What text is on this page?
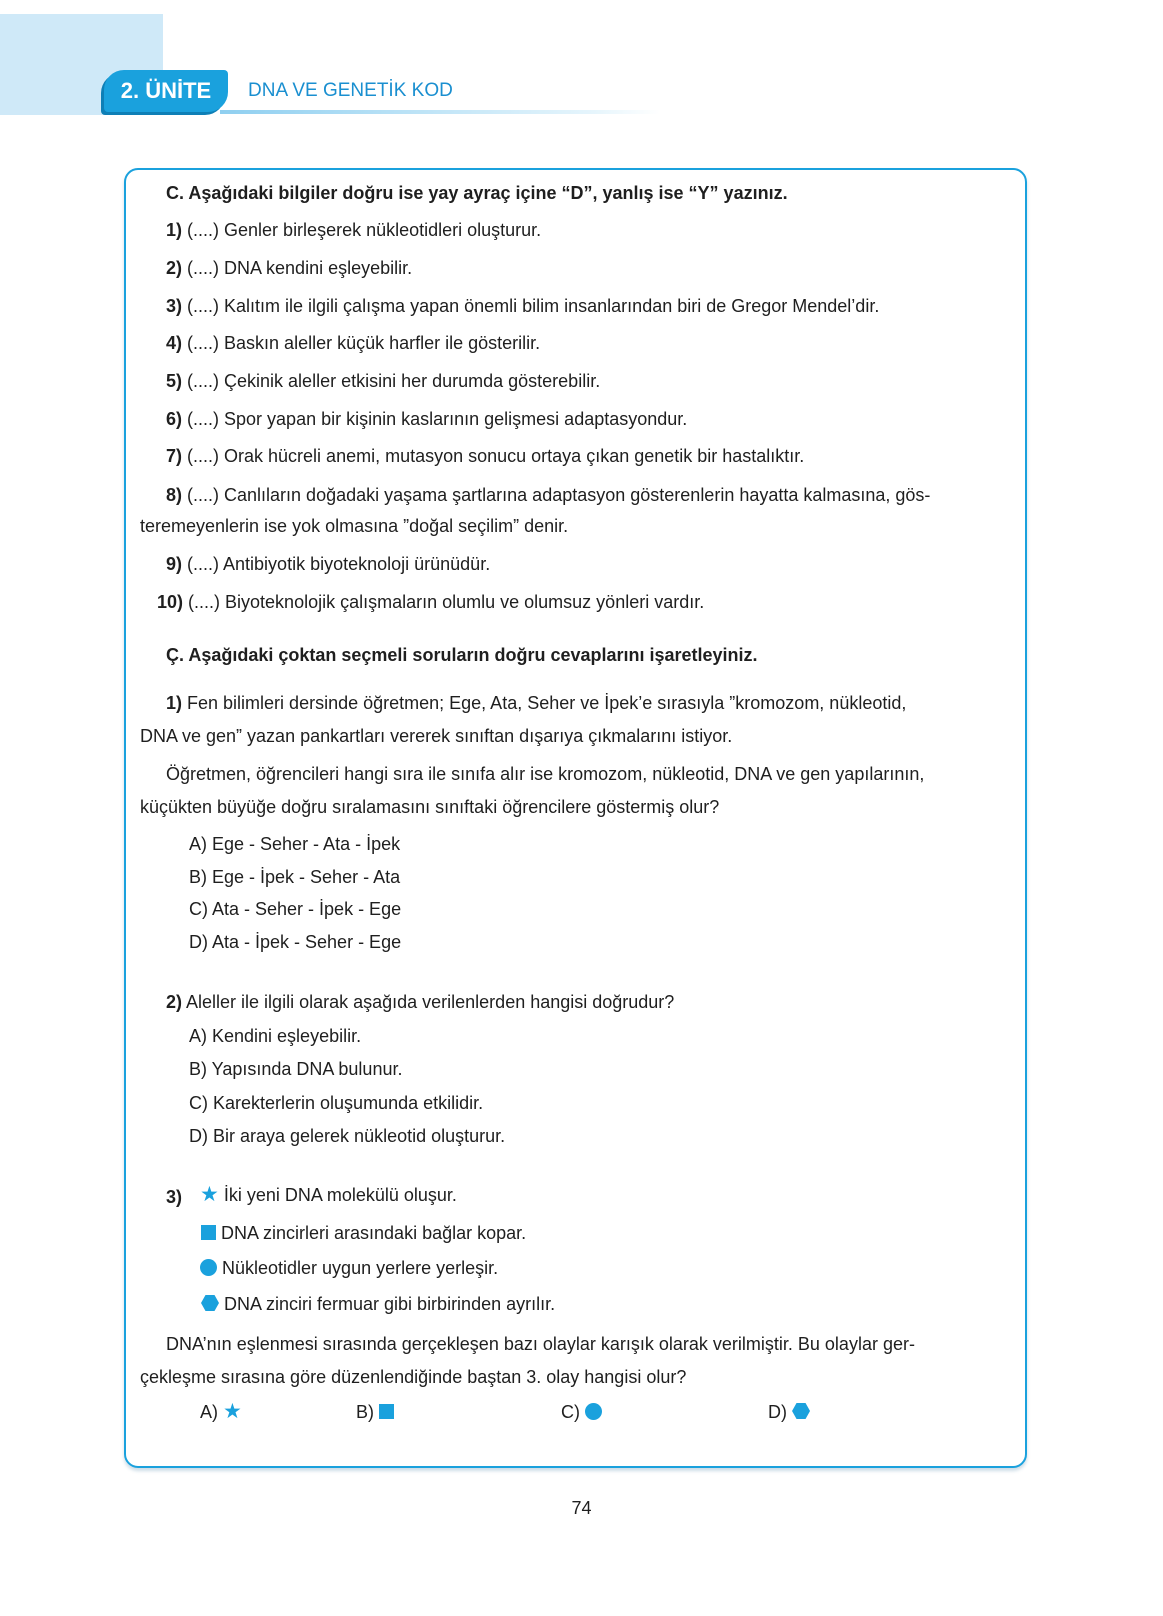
2. ÜNİTE	DNA VE GENETİK KOD
C. Aşağıdaki bilgiler doğru ise yay ayraç içine “D”, yanlış ise “Y” yazınız.
1) (....) Genler birleşerek nükleotidleri oluşturur.
2) (....) DNA kendini eşleyebilir.
3) (....) Kalıtım ile ilgili çalışma yapan önemli bilim insanlarından biri de Gregor Mendel’dir.
4) (....) Baskın aleller küçük harfler ile gösterilir.
5) (....) Çekinik aleller etkisini her durumda gösterebilir.
6) (....) Spor yapan bir kişinin kaslarının gelişmesi adaptasyondur.
7) (....) Orak hücreli anemi, mutasyon sonucu ortaya çıkan genetik bir hastalıktır.
8) (....) Canlıların doğadaki yaşama şartlarına adaptasyon gösterenlerin hayatta kalmasına, gös-
teremeyenlerin ise yok olmasına ”doğal seçilim” denir.
9) (....) Antibiyotik biyoteknoloji ürünüdür.
10) (....) Biyoteknolojik çalışmaların olumlu ve olumsuz yönleri vardır.
Ç. Aşağıdaki çoktan seçmeli soruların doğru cevaplarını işaretleyiniz.
1) Fen bilimleri dersinde öğretmen; Ege, Ata, Seher ve İpek’e sırasıyla ”kromozom, nükleotid,
DNA ve gen” yazan pankartları vererek sınıftan dışarıya çıkmalarını istiyor.
Öğretmen, öğrencileri hangi sıra ile sınıfa alır ise kromozom, nükleotid, DNA ve gen yapılarının,
küçükten büyüğe doğru sıralamasını sınıftaki öğrencilere göstermiş olur?
A) Ege - Seher - Ata - İpek
B) Ege - İpek - Seher - Ata
C) Ata - Seher - İpek - Ege
D) Ata - İpek - Seher - Ege
2) Aleller ile ilgili olarak aşağıda verilenlerden hangisi doğrudur?
A) Kendini eşleyebilir.
B) Yapısında DNA bulunur.
C) Karekterlerin oluşumunda etkilidir.
D) Bir araya gelerek nükleotid oluşturur.
3) ★ İki yeni DNA molekülü oluşur.
DNA zincirleri arasındaki bağlar kopar.
Nükleotidler uygun yerlere yerleşir.
DNA zinciri fermuar gibi birbirinden ayrılır.
DNA’nın eşlenmesi sırasında gerçekleşen bazı olaylar karışık olarak verilmiştir. Bu olaylar ger-
çekleşme sırasına göre düzenlendiğinde baştan 3. olay hangisi olur?
A) ★	B)	C)	D)
74
